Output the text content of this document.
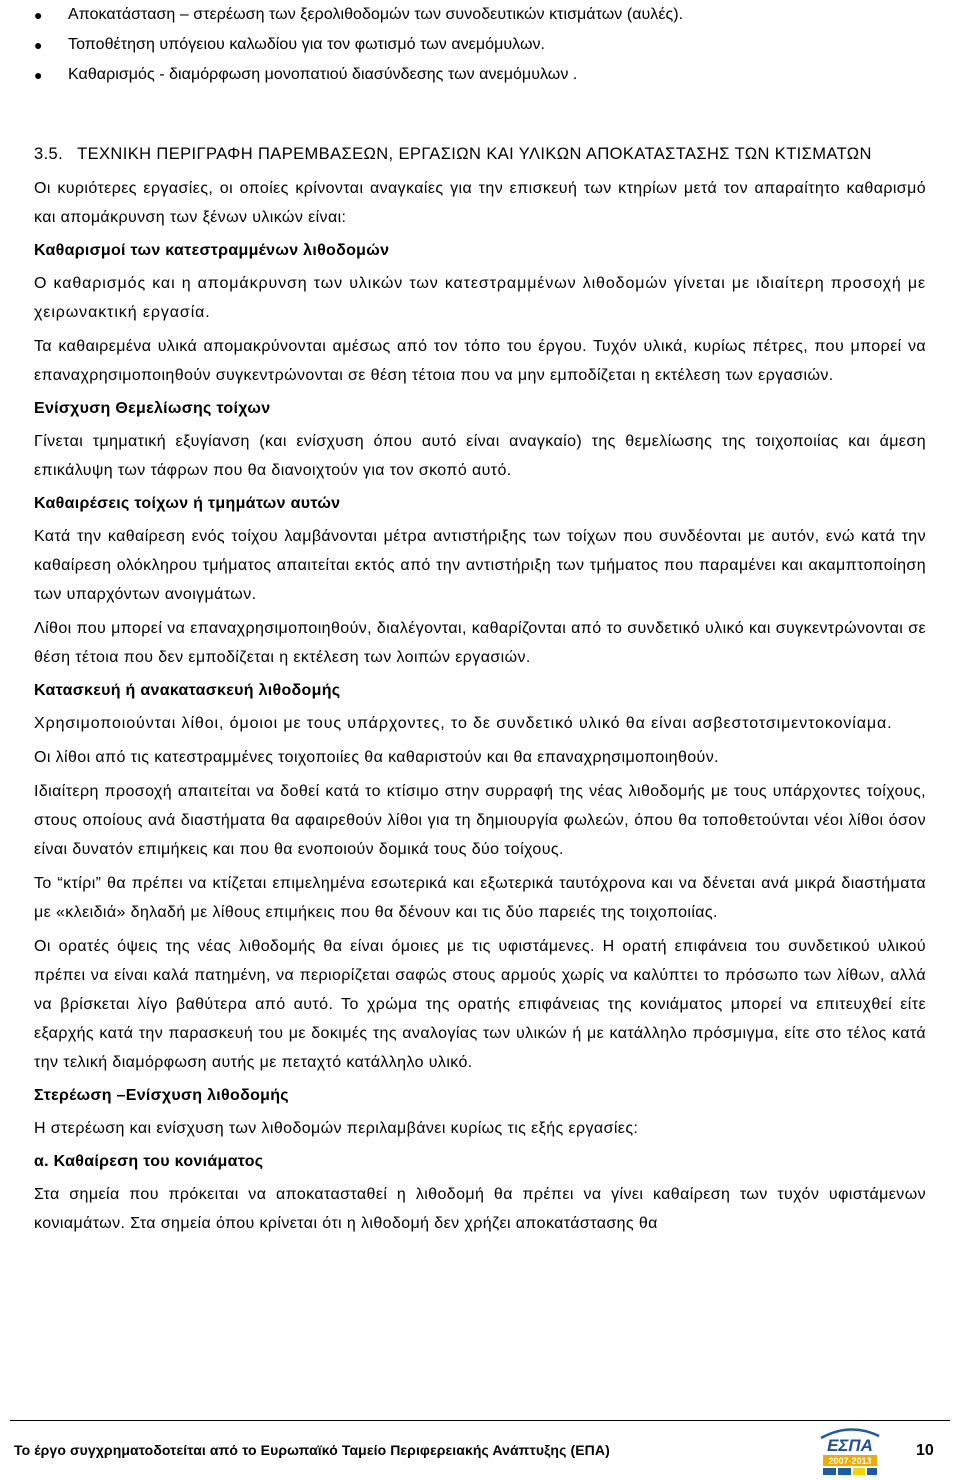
●	Αποκατάσταση – στερέωση των ξερολιθοδομών των συνοδευτικών κτισμάτων (αυλές).
●	Τοποθέτηση υπόγειου καλωδίου για τον φωτισμό των ανεμόμυλων.
●	Καθαρισμός - διαμόρφωση μονοπατιού διασύνδεσης των ανεμόμυλων .
3.5. ΤΕΧΝΙΚΗ ΠΕΡΙΓΡΑΦΗ ΠΑΡΕΜΒΑΣΕΩΝ, ΕΡΓΑΣΙΩΝ ΚΑΙ ΥΛΙΚΩΝ ΑΠΟΚΑΤΑΣΤΑΣΗΣ ΤΩΝ ΚΤΙΣΜΑΤΩΝ

Οι κυριότερες εργασίες, οι οποίες κρίνονται αναγκαίες για την επισκευή των κτηρίων μετά τον απαραίτητο καθαρισμό και απομάκρυνση των ξένων υλικών είναι:

Καθαρισμοί των κατεστραμμένων λιθοδομών

Ο καθαρισμός και η απομάκρυνση των υλικών των κατεστραμμένων λιθοδομών γίνεται με ιδιαίτερη προσοχή με χειρωνακτική εργασία.

Τα καθαιρεμένα υλικά απομακρύνονται αμέσως από τον τόπο του έργου. Τυχόν υλικά, κυρίως πέτρες, που μπορεί να επαναχρησιμοποιηθούν συγκεντρώνονται σε θέση τέτοια που να μην εμποδίζεται η εκτέλεση των εργασιών.

Ενίσχυση Θεμελίωσης τοίχων

Γίνεται τμηματική εξυγίανση (και ενίσχυση όπου αυτό είναι αναγκαίο) της θεμελίωσης της τοιχοποιίας και άμεση επικάλυψη των τάφρων που θα διανοιχτούν για τον σκοπό αυτό.

Καθαιρέσεις τοίχων ή τμημάτων αυτών

Κατά την καθαίρεση ενός τοίχου λαμβάνονται μέτρα αντιστήριξης των τοίχων που συνδέονται με αυτόν, ενώ κατά την καθαίρεση ολόκληρου τμήματος απαιτείται εκτός από την αντιστήριξη των τμήματος που παραμένει και ακαμπτοποίηση των υπαρχόντων ανοιγμάτων.

Λίθοι που μπορεί να επαναχρησιμοποιηθούν, διαλέγονται, καθαρίζονται από το συνδετικό υλικό και συγκεντρώνονται σε θέση τέτοια που δεν εμποδίζεται η εκτέλεση των λοιπών εργασιών.

Κατασκευή ή ανακατασκευή λιθοδομής

Χρησιμοποιούνται λίθοι, όμοιοι με τους υπάρχοντες, το δε συνδετικό υλικό θα είναι ασβεστοτσιμεντοκονίαμα.

Οι λίθοι από τις κατεστραμμένες τοιχοποιίες θα καθαριστούν και θα επαναχρησιμοποιηθούν.

Ιδιαίτερη προσοχή απαιτείται να δοθεί κατά το κτίσιμο στην συρραφή της νέας λιθοδομής με τους υπάρχοντες τοίχους, στους οποίους ανά διαστήματα θα αφαιρεθούν λίθοι για τη δημιουργία φωλεών, όπου θα τοποθετούνται νέοι λίθοι όσον είναι δυνατόν επιμήκεις και που θα ενοποιούν δομικά τους δύο τοίχους.

Το “κτίρι” θα πρέπει να κτίζεται επιμελημένα εσωτερικά και εξωτερικά ταυτόχρονα και να δένεται ανά μικρά διαστήματα με «κλειδιά» δηλαδή με λίθους επιμήκεις που θα δένουν και τις δύο παρειές της τοιχοποιίας.

Οι ορατές όψεις της νέας λιθοδομής θα είναι όμοιες με τις υφιστάμενες. Η ορατή επιφάνεια του συνδετικού υλικού πρέπει να είναι καλά πατημένη, να περιορίζεται σαφώς στους αρμούς χωρίς να καλύπτει το πρόσωπο των λίθων, αλλά να βρίσκεται λίγο βαθύτερα από αυτό. Το χρώμα της ορατής επιφάνειας της κονιάματος μπορεί να επιτευχθεί είτε εξαρχής κατά την παρασκευή του με δοκιμές της αναλογίας των υλικών ή με κατάλληλο πρόσμιγμα, είτε στο τέλος κατά την τελική διαμόρφωση αυτής με πεταχτό κατάλληλο υλικό.

Στερέωση –Ενίσχυση λιθοδομής

Η στερέωση και ενίσχυση των λιθοδομών περιλαμβάνει κυρίως τις εξής εργασίες:

α. Καθαίρεση του κονιάματος

Στα σημεία που πρόκειται να αποκατασταθεί η λιθοδομή θα πρέπει να γίνει καθαίρεση των τυχόν υφιστάμενων κονιαμάτων. Στα σημεία όπου κρίνεται ότι η λιθοδομή δεν χρήζει αποκατάστασης θα

Το έργο συγχρηματοδοτείται από το Ευρωπαϊκό Ταμείο Περιφερειακής Ανάπτυξης (ΕΠΑ)	ΕΣΠΑ
2007-2013
10
